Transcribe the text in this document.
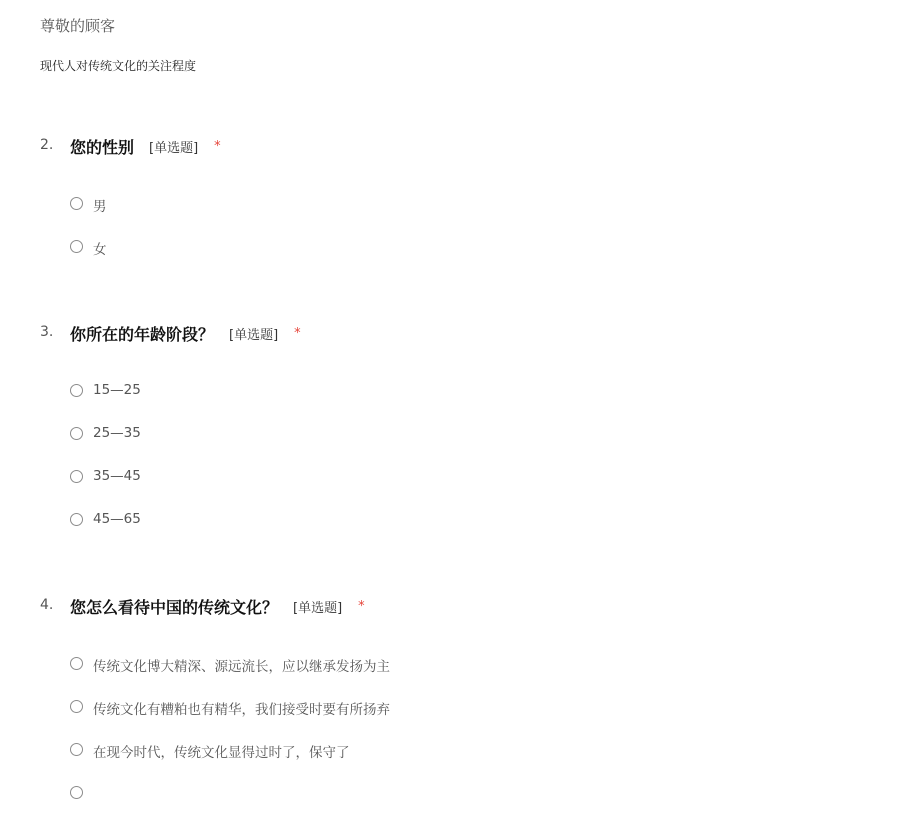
尊敬的顾客
现代人对传统文化的关注程度
2. 您的性别 [单选题] *
男
女
3. 你所在的年龄阶段？ [单选题] *
15—25
25—35
35—45
45—65
4. 您怎么看待中国的传统文化？ [单选题] *
传统文化博大精深、源远流长，应以继承发扬为主
传统文化有糟粕也有精华，我们接受时要有所扬弃
在现今时代，传统文化显得过时了，保守了
